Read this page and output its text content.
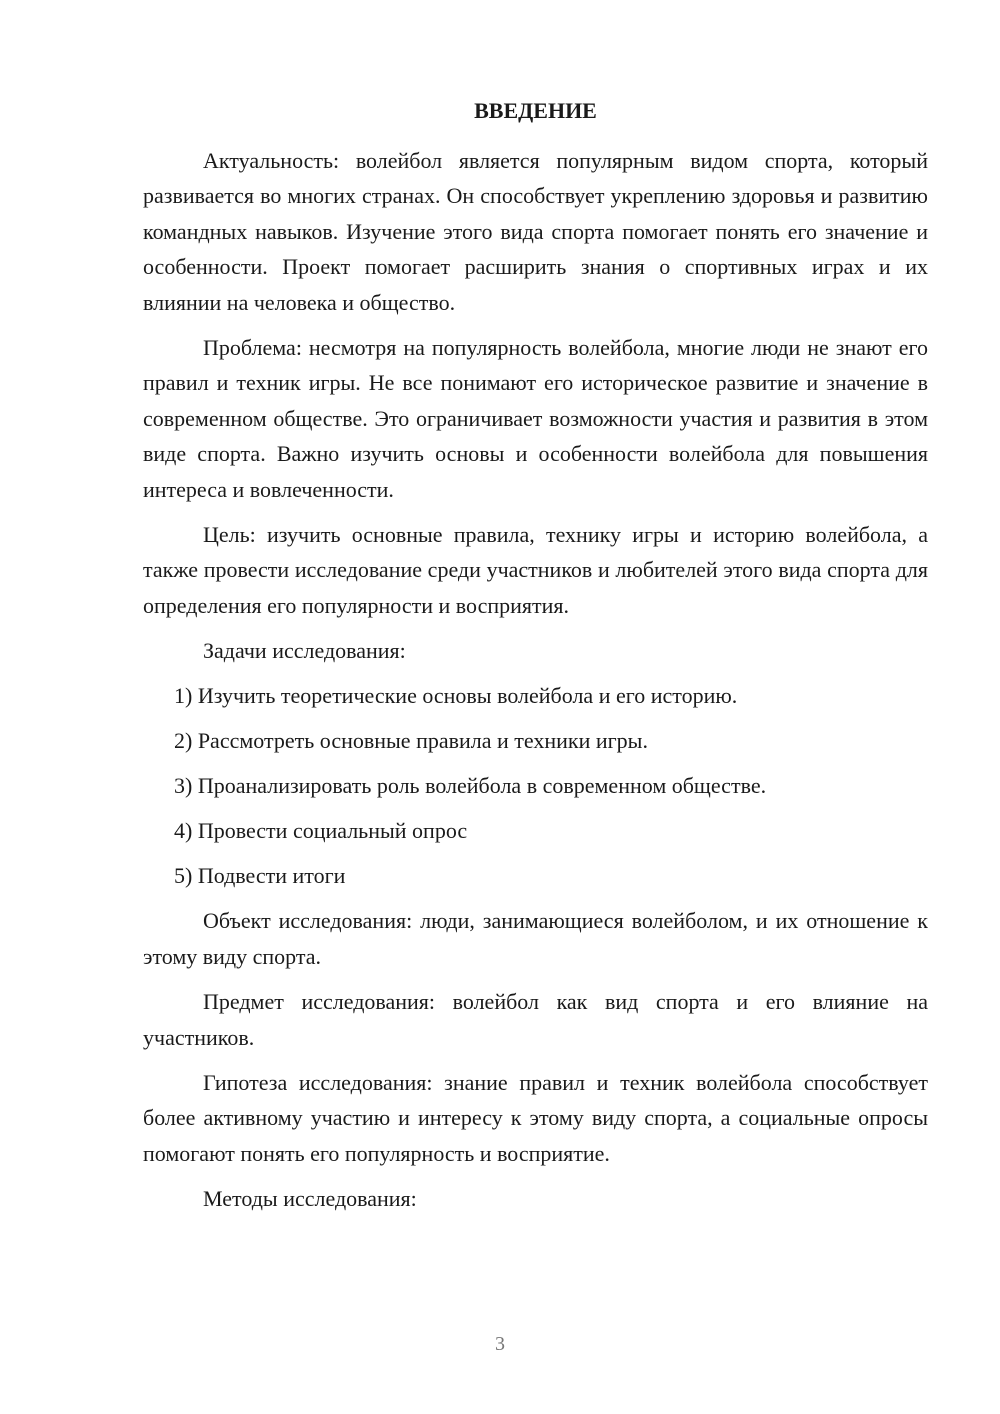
ВВЕДЕНИЕ

Актуальность: волейбол является популярным видом спорта, который развивается во многих странах. Он способствует укреплению здоровья и развитию командных навыков. Изучение этого вида спорта помогает понять его значение и особенности. Проект помогает расширить знания о спортивных играх и их влиянии на человека и общество.

Проблема: несмотря на популярность волейбола, многие люди не знают его правил и техник игры. Не все понимают его историческое развитие и значение в современном обществе. Это ограничивает возможности участия и развития в этом виде спорта. Важно изучить основы и особенности волейбола для повышения интереса и вовлеченности.

Цель: изучить основные правила, технику игры и историю волейбола, а также провести исследование среди участников и любителей этого вида спорта для определения его популярности и восприятия.

Задачи исследования:
1) Изучить теоретические основы волейбола и его историю.
2) Рассмотреть основные правила и техники игры.
3) Проанализировать роль волейбола в современном обществе.
4) Провести социальный опрос
5) Подвести итоги

Объект исследования: люди, занимающиеся волейболом, и их отношение к этому виду спорта.

Предмет исследования: волейбол как вид спорта и его влияние на участников.

Гипотеза исследования: знание правил и техник волейбола способствует более активному участию и интересу к этому виду спорта, а социальные опросы помогают понять его популярность и восприятие.

Методы исследования:

3
